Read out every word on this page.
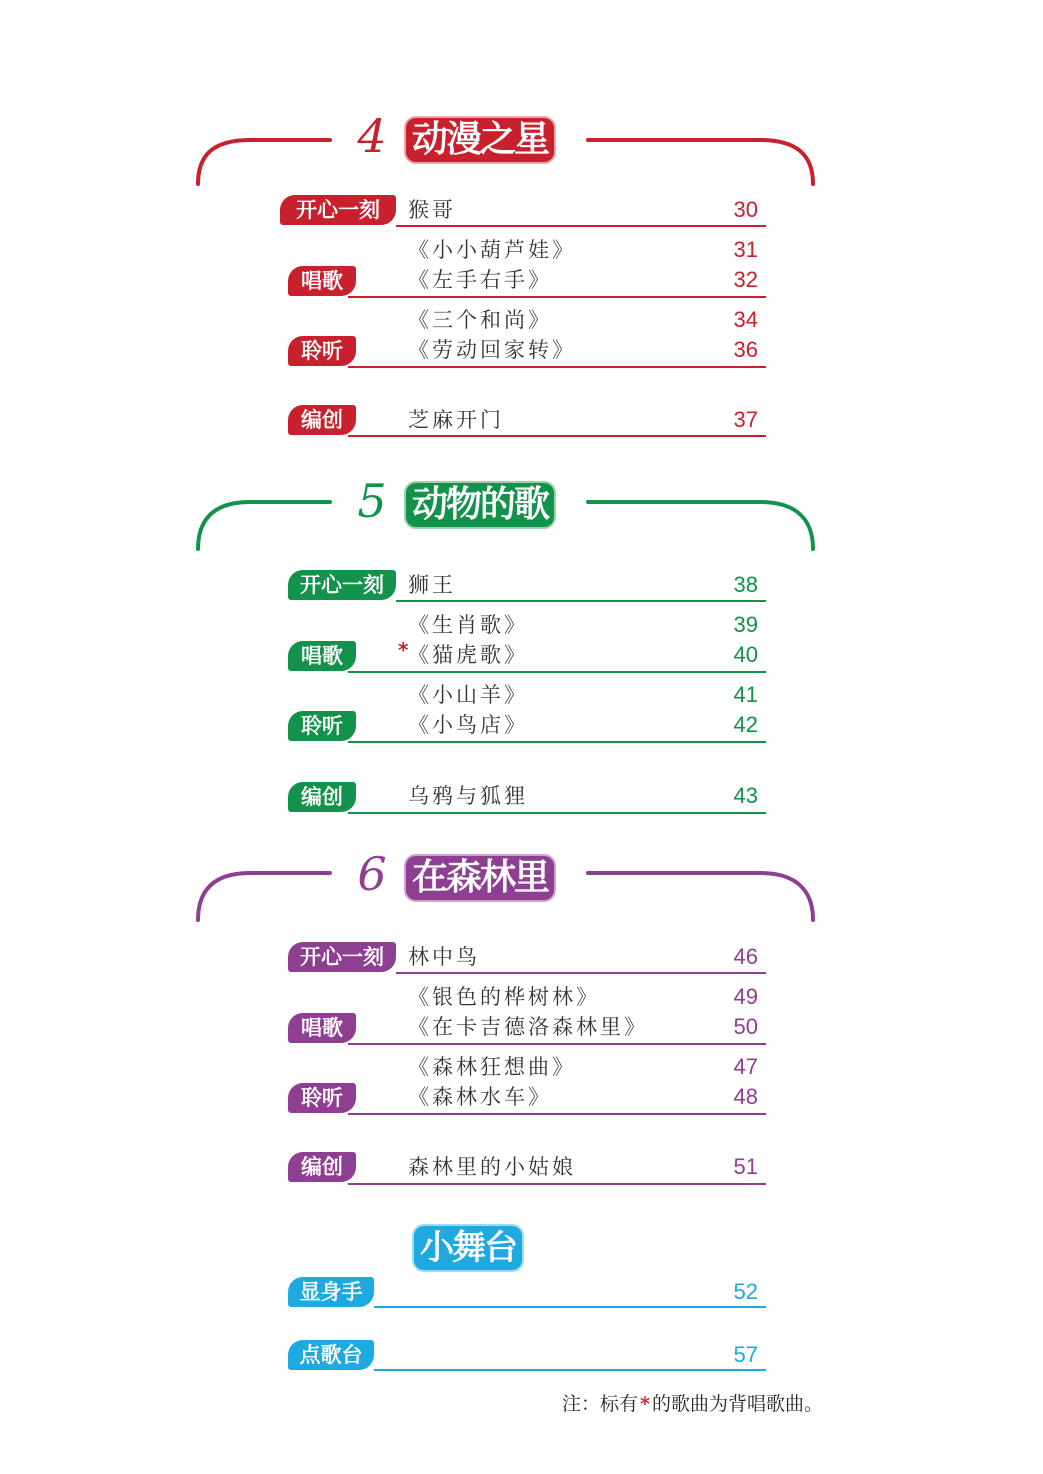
4 动漫之星
开心一刻	猴哥	30
唱歌
《小小葫芦娃》	31
《左手右手》	32
聆听
《三个和尚》	34
《劳动回家转》	36
编创	芝麻开门	37
5 动物的歌
开心一刻	狮王	38
唱歌
《生肖歌》	39
* 《猫虎歌》	40
聆听
《小山羊》	41
《小鸟店》	42
编创	乌鸦与狐狸	43
6 在森林里
开心一刻	林中鸟	46
唱歌
《银色的桦树林》	49
《在卡吉德洛森林里》	50
聆听
《森林狂想曲》	47
《森林水车》	48
编创	森林里的小姑娘	51
小舞台
显身手	52
点歌台	57
注：标有 * 的歌曲为背唱歌曲。
